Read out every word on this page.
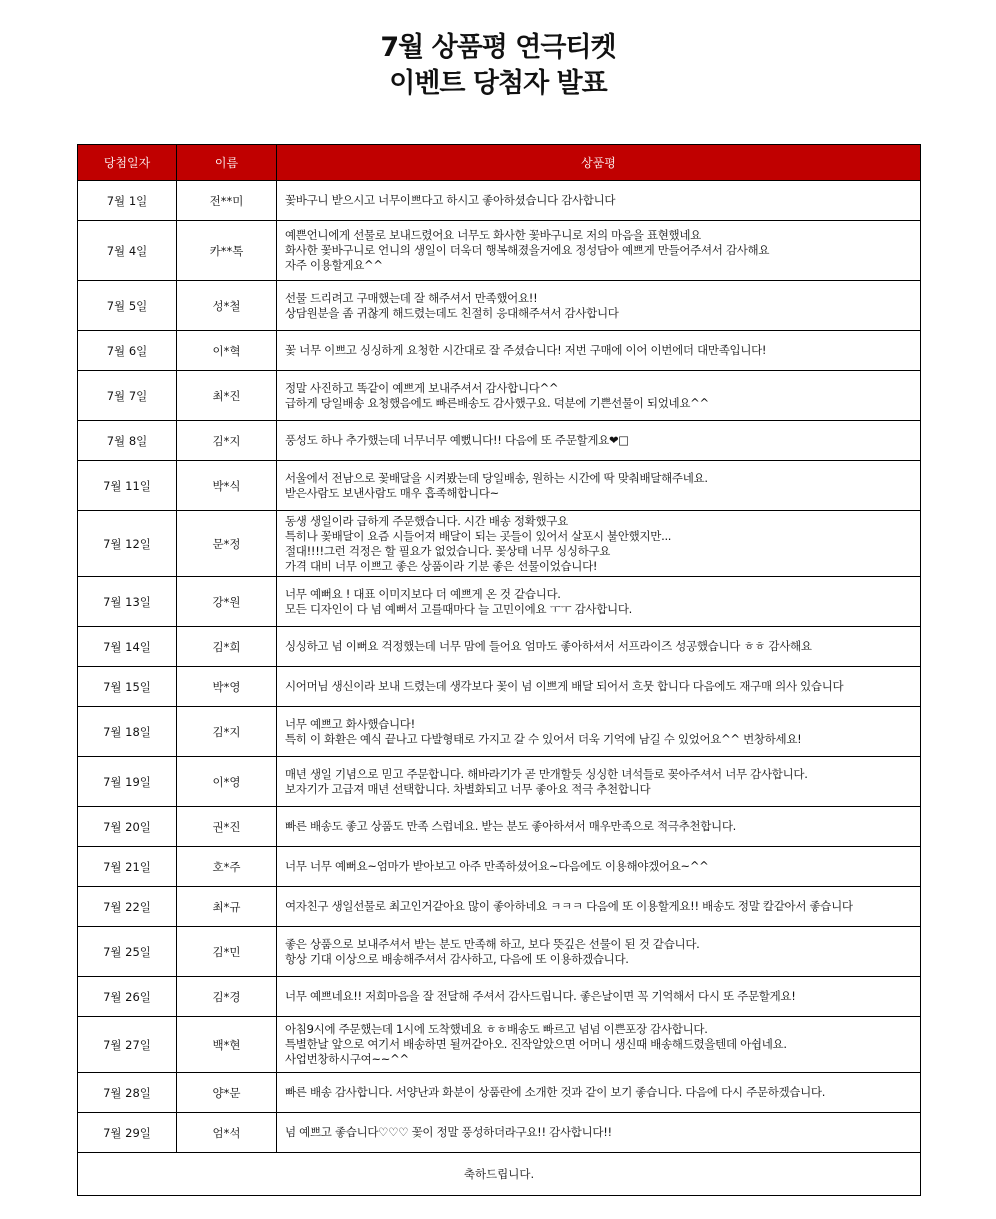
7월 상품평 연극티켓
이벤트 당첨자 발표
당첨일자	이름	상품평
7월 1일	전**미	꽃바구니 받으시고 너무이쁘다고 하시고 좋아하셨습니다 감사합니다

7월 4일	카**톡	예쁜언니에게 선물로 보내드렸어요 너무도 화사한 꽃바구니로 저의 마음을 표현했네요
화사한 꽃바구니로 언니의 생일이 더욱더 행복해졌을거에요 정성담아 예쁘게 만들어주셔서 감사해요
자주 이용할게요^^

7월 5일	성*철	선물 드리려고 구매했는데 잘 해주셔서 만족했어요!!
상담원분을 좀 귀찮게 해드렸는데도 친절히 응대해주셔서 감사합니다

7월 6일	이*혁	꽃 너무 이쁘고 싱싱하게 요청한 시간대로 잘 주셨습니다! 저번 구매에 이어 이번에더 대만족입니다!

7월 7일	최*진	정말 사진하고 똑같이 예쁘게 보내주셔서 감사합니다^^
급하게 당일배송 요청했음에도 빠른배송도 감사했구요. 덕분에 기쁜선물이 되었네요^^

7월 8일	김*지	풍성도 하나 추가했는데 너무너무 예뻤니다!! 다음에 또 주문할게요❤□

7월 11일	박*식	서울에서 전남으로 꽃배달을 시켜봤는데 당일배송, 원하는 시간에 딱 맞춰배달해주네요.
받은사람도 보낸사람도 매우 흡족해합니다~

7월 12일	문*정	동생 생일이라 급하게 주문했습니다. 시간 배송 정확했구요
특히나 꽃배달이 요즘 시들어져 배달이 되는 곳들이 있어서 살포시 불안했지만...
절대!!!!그런 걱정은 할 필요가 없었습니다. 꽃상태 너무 싱싱하구요
가격 대비 너무 이쁘고 좋은 상품이라 기분 좋은 선물이었습니다!

7월 13일	강*원	너무 예뻐요 ! 대표 이미지보다 더 예쁘게 온 것 같습니다.
모든 디자인이 다 넘 예뻐서 고를때마다 늘 고민이에요 ㅜㅜ 감사합니다.

7월 14일	김*희	싱싱하고 넘 이뻐요 걱정했는데 너무 맘에 들어요 엄마도 좋아하셔서 서프라이즈 성공했습니다 ㅎㅎ 감사해요

7월 15일	박*영	시어머님 생신이라 보내 드렸는데 생각보다 꽃이 넘 이쁘게 배달 되어서 흐뭇 합니다 다음에도 재구매 의사 있습니다

7월 18일	김*지	너무 예쁘고 화사했습니다!
특히 이 화환은 예식 끝나고 다발형태로 가지고 갈 수 있어서 더욱 기억에 남길 수 있었어요^^ 번창하세요!

7월 19일	이*영	매년 생일 기념으로 믿고 주문합니다. 해바라기가 곧 만개할듯 싱싱한 녀석들로 꽂아주셔서 너무 감사합니다.
보자기가 고급져 매년 선택합니다. 차별화되고 너무 좋아요 적극 추천합니다

7월 20일	권*진	빠른 배송도 좋고 상품도 만족 스럽네요. 받는 분도 좋아하셔서 매우만족으로 적극추천합니다.

7월 21일	호*주	너무 너무 예뻐요~엄마가 받아보고 아주 만족하셨어요~다음에도 이용해야겠어요~^^

7월 22일	최*규	여자친구 생일선물로 최고인거같아요 많이 좋아하네요 ㅋㅋㅋ 다음에 또 이용할게요!! 배송도 정말 칼같아서 좋습니다

7월 25일	김*민	좋은 상품으로 보내주셔서 받는 분도 만족해 하고, 보다 뜻깊은 선물이 된 것 같습니다.
항상 기대 이상으로 배송해주셔서 감사하고, 다음에 또 이용하겠습니다.

7월 26일	김*경	너무 예쁘네요!! 저희마음을 잘 전달해 주셔서 감사드립니다. 좋은날이면 꼭 기억해서 다시 또 주문할게요!

7월 27일	백*현	아침9시에 주문했는데 1시에 도착했네요 ㅎㅎ배송도 빠르고 넘넘 이쁜포장 감사합니다.
특별한날 앞으로 여기서 배송하면 될꺼같아오. 진작알았으면 어머니 생신때 배송해드렸을텐데 아쉽네요.
사업번창하시구여~~^^

7월 28일	양*문	빠른 배송 감사합니다. 서양난과 화분이 상품란에 소개한 것과 같이 보기 좋습니다. 다음에 다시 주문하겠습니다.

7월 29일	엄*석	넘 예쁘고 좋습니다♡♡♡ 꽃이 정말 풍성하더라구요!! 감사합니다!!

축하드립니다.		
